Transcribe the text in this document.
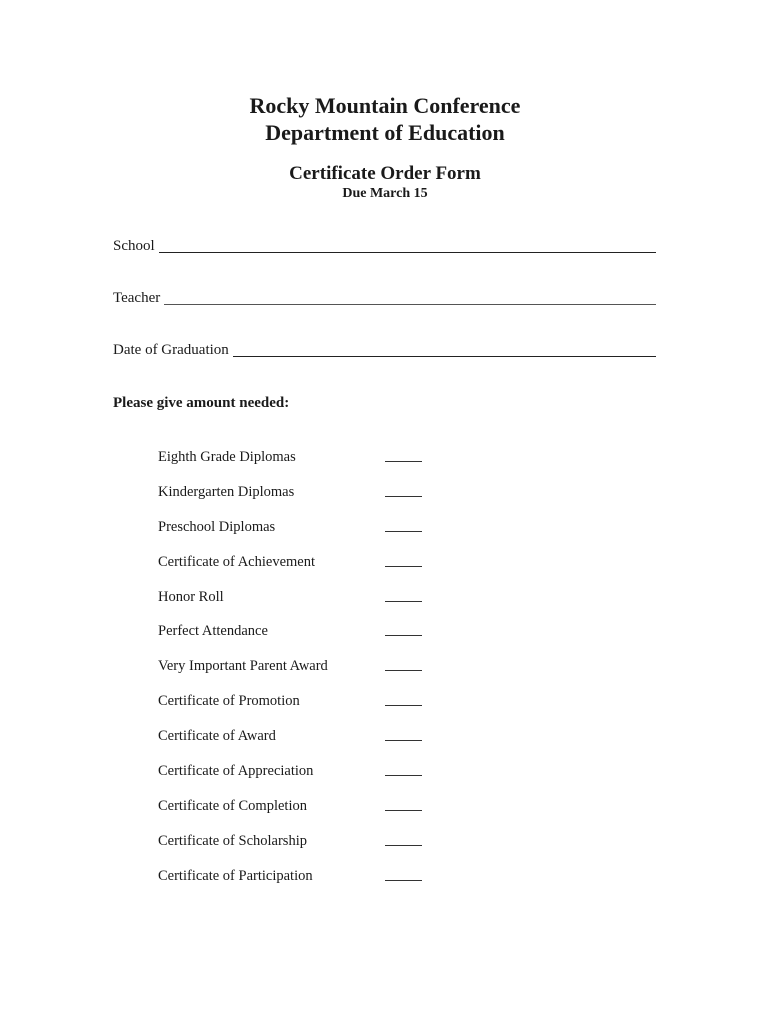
Rocky Mountain Conference
Department of Education
Certificate Order Form

Due March 15

School
Teacher
Date of Graduation

Please give amount needed:

Eighth Grade Diplomas
Kindergarten Diplomas
Preschool Diplomas
Certificate of Achievement
Honor Roll
Perfect Attendance
Very Important Parent Award
Certificate of Promotion
Certificate of Award
Certificate of Appreciation
Certificate of Completion
Certificate of Scholarship
Certificate of Participation
